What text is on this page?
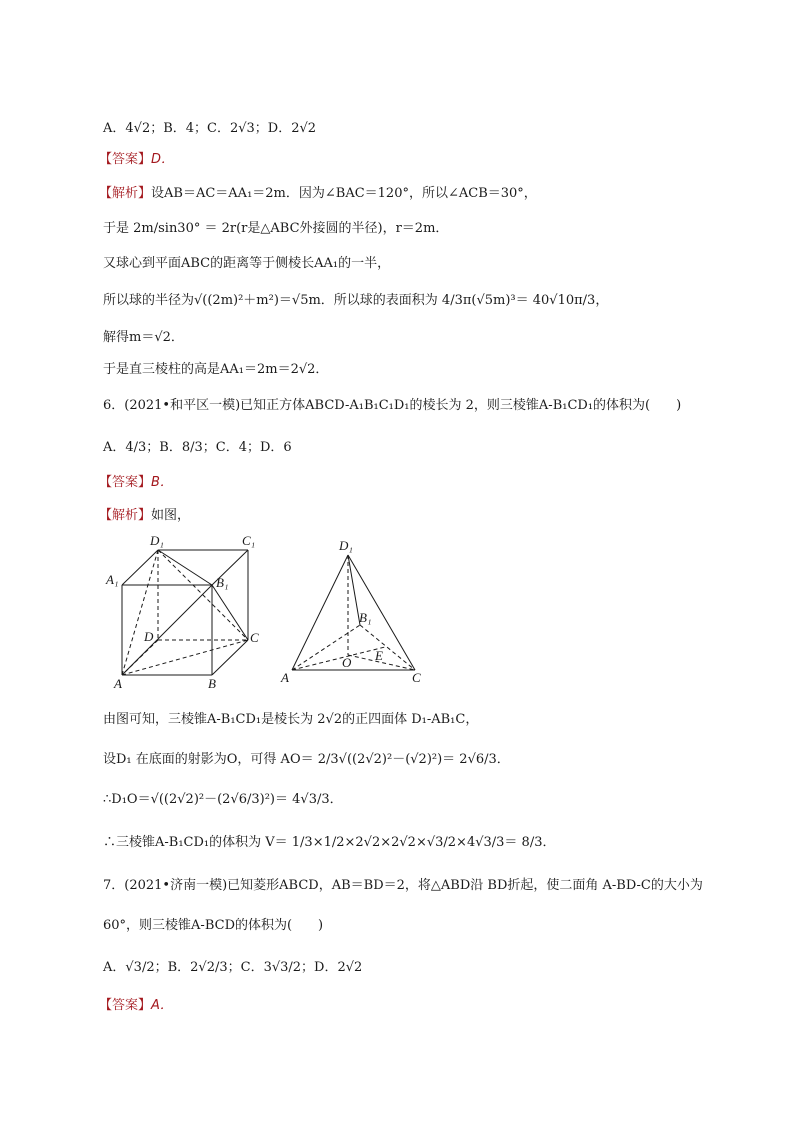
A．4√2；B．4；C．2√3；D．2√2
【答案】D．
【解析】设AB＝AC＝AA₁＝2m．因为∠BAC＝120°，所以∠ACB＝30°，
于是 2m/sin30° ＝ 2r(r是△ABC外接圆的半径)，r＝2m．
又球心到平面ABC的距离等于侧棱长AA₁的一半，
所以球的半径为√((2m)²＋m²)＝√5m．所以球的表面积为 4/3π(√5m)³＝ 40√10π/3，
解得m＝√2．
于是直三棱柱的高是AA₁＝2m＝2√2．
6．(2021•和平区一模)已知正方体ABCD-A₁B₁C₁D₁的棱长为 2，则三棱锥A-B₁CD₁的体积为(　　)
A．4/3；B．8/3；C．4；D．6
【答案】B．
【解析】如图，
D₁	C₁
A₁	B₁
D	C
A	B
D₁
B₁
O E
A	C
由图可知，三棱锥A-B₁CD₁是棱长为 2√2的正四面体 D₁-AB₁C，
设D₁ 在底面的射影为O，可得 AO＝ 2/3√((2√2)²－(√2)²)＝ 2√6/3．
∴D₁O＝√((2√2)²－(2√6/3)²)＝ 4√3/3．
∴三棱锥A-B₁CD₁的体积为 V＝ 1/3×1/2×2√2×2√2×√3/2×4√3/3＝ 8/3．
7．(2021•济南一模)已知菱形ABCD，AB＝BD＝2，将△ABD沿 BD折起，使二面角 A-BD-C的大小为
60°，则三棱锥A-BCD的体积为(　　)
A．√3/2；B．2√2/3；C．3√3/2；D．2√2
【答案】A．
